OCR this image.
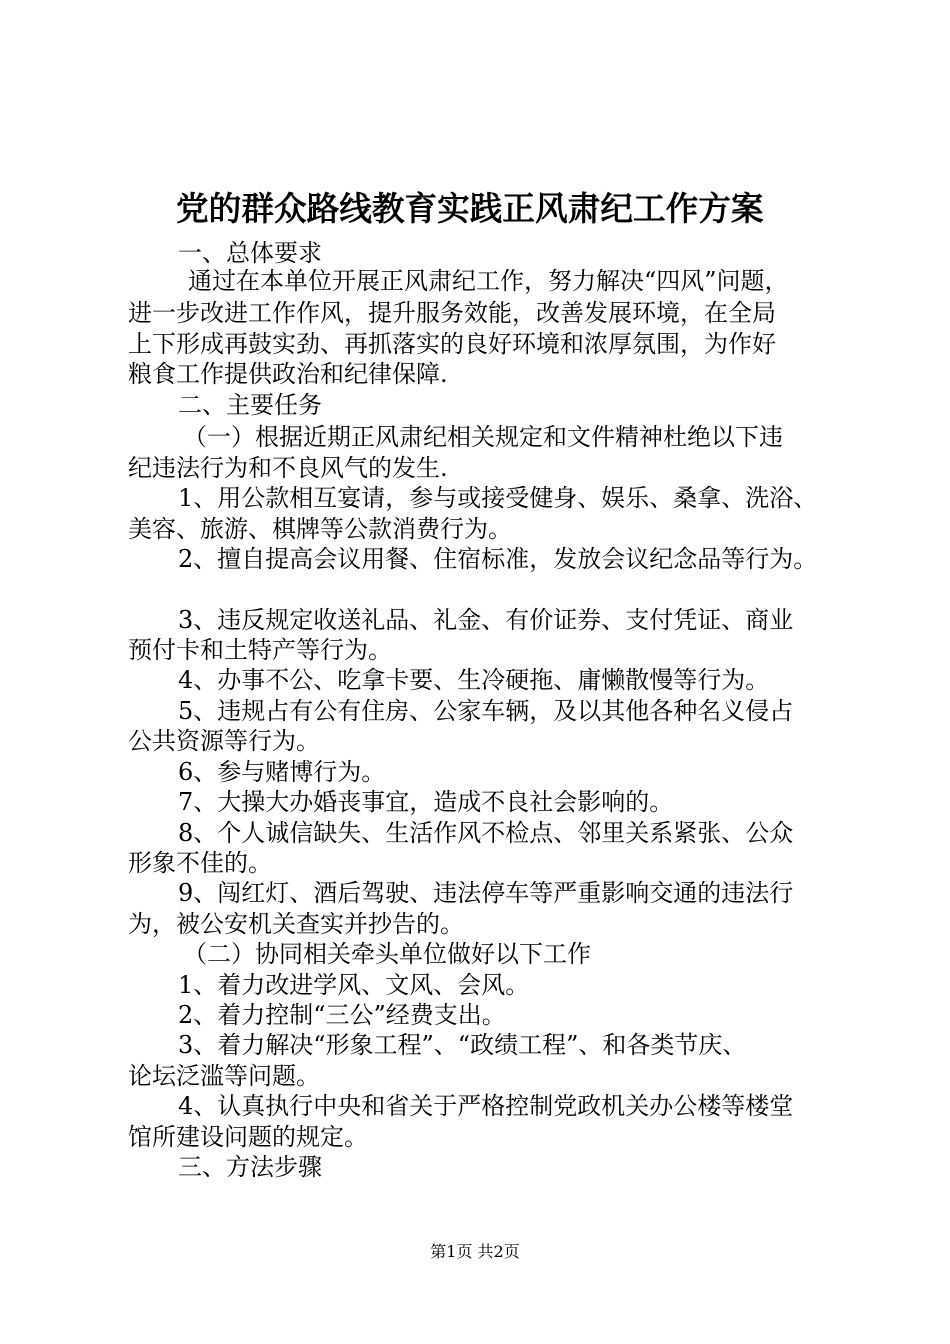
党的群众路线教育实践正风肃纪工作方案
一、总体要求
通过在本单位开展正风肃纪工作，努力解决“四风”问题，
进一步改进工作作风，提升服务效能，改善发展环境，在全局
上下形成再鼓实劲、再抓落实的良好环境和浓厚氛围，为作好
粮食工作提供政治和纪律保障.
二、主要任务
（一）根据近期正风肃纪相关规定和文件精神杜绝以下违
纪违法行为和不良风气的发生.
1、用公款相互宴请，参与或接受健身、娱乐、桑拿、洗浴、
美容、旅游、棋牌等公款消费行为。
2、擅自提高会议用餐、住宿标准，发放会议纪念品等行为。
3、违反规定收送礼品、礼金、有价证券、支付凭证、商业
预付卡和土特产等行为。
4、办事不公、吃拿卡要、生冷硬拖、庸懒散慢等行为。
5、违规占有公有住房、公家车辆，及以其他各种名义侵占
公共资源等行为。
6、参与赌博行为。
7、大操大办婚丧事宜，造成不良社会影响的。
8、个人诚信缺失、生活作风不检点、邻里关系紧张、公众
形象不佳的。
9、闯红灯、酒后驾驶、违法停车等严重影响交通的违法行
为，被公安机关查实并抄告的。
（二）协同相关牵头单位做好以下工作
1、着力改进学风、文风、会风。
2、着力控制“三公”经费支出。
3、着力解决“形象工程”、“政绩工程”、和各类节庆、
论坛泛滥等问题。
4、认真执行中央和省关于严格控制党政机关办公楼等楼堂
馆所建设问题的规定。
三、方法步骤
第1页 共2页
